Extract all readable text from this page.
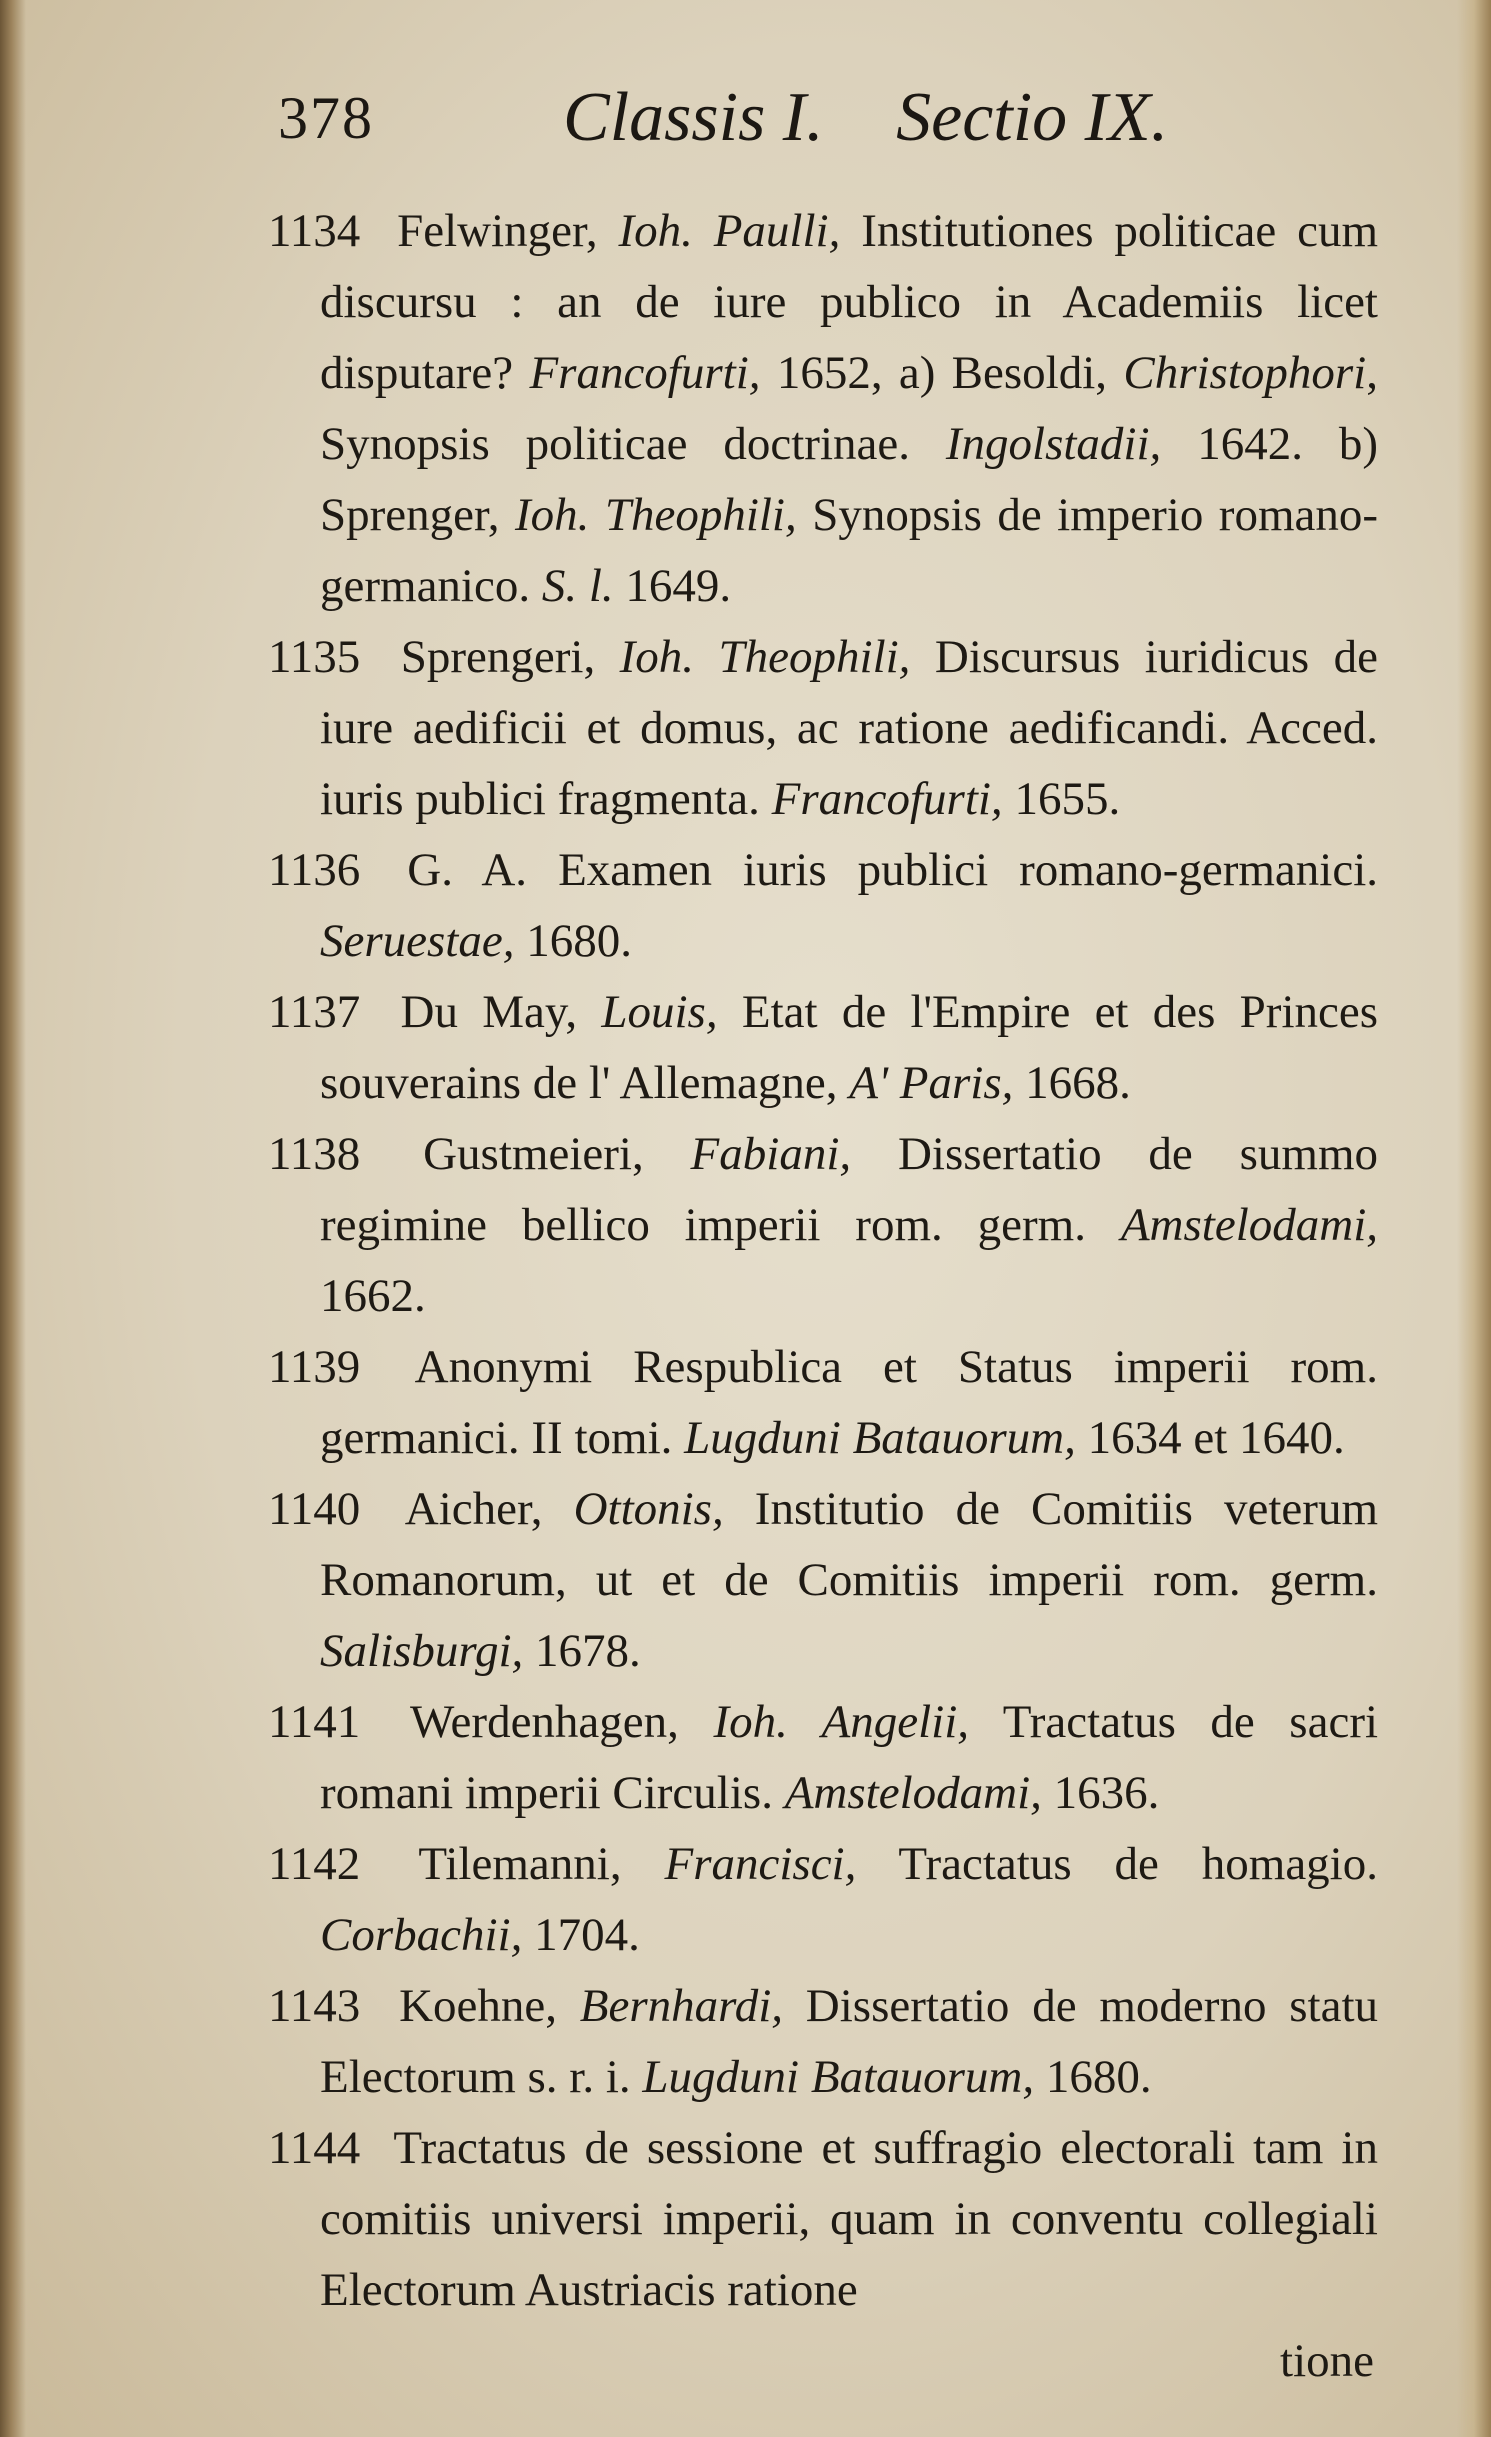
378	Classis I. Sectio IX.

1134 Felwinger, Ioh. Paulli, Institutiones politicae cum discursu : an de iure publico in Academiis licet disputare? Francofurti, 1652, a) Besoldi, Christophori, Synopsis politicae doctrinae. Ingolstadii, 1642. b) Sprenger, Ioh. Theophili, Synopsis de imperio romano-germanico. S. l. 1649.

1135 Sprengeri, Ioh. Theophili, Discursus iuridicus de iure aedificii et domus, ac ratione aedificandi. Acced. iuris publici fragmenta. Francofurti, 1655.

1136 G. A. Examen iuris publici romano-germanici. Seruestae, 1680.

1137 Du May, Louis, Etat de l'Empire et des Princes souverains de l' Allemagne, A' Paris, 1668.

1138 Gustmeieri, Fabiani, Dissertatio de summo regimine bellico imperii rom. germ. Amstelodami, 1662.

1139 Anonymi Respublica et Status imperii rom. germanici. II tomi. Lugduni Batauorum, 1634 et 1640.

1140 Aicher, Ottonis, Institutio de Comitiis veterum Romanorum, ut et de Comitiis imperii rom. germ. Salisburgi, 1678.

1141 Werdenhagen, Ioh. Angelii, Tractatus de sacri romani imperii Circulis. Amstelodami, 1636.

1142 Tilemanni, Francisci, Tractatus de homagio. Corbachii, 1704.

1143 Koehne, Bernhardi, Dissertatio de moderno statu Electorum s. r. i. Lugduni Batauorum, 1680.

1144 Tractatus de sessione et suffragio electorali tam in comitiis universi imperii, quam in conventu collegiali Electorum Austriacis ratione

tione
